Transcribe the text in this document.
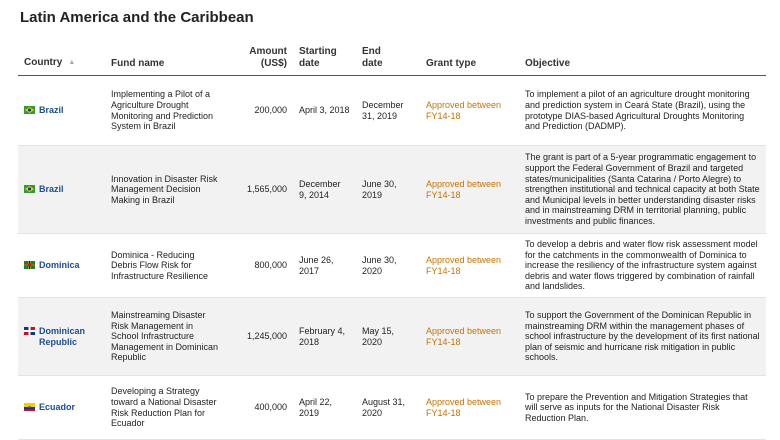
Latin America and the Caribbean
Country ▲	Fund name	Amount (US$)	Starting date	End date	Grant type	Objective

Brazil	Implementing a Pilot of a Agriculture Drought Monitoring and Prediction System in Brazil	200,000	April 3, 2018	December 31, 2019	Approved between FY14-18	To implement a pilot of an agriculture drought monitoring and prediction system in Ceará State (Brazil), using the prototype DIAS-based Agricultural Droughts Monitoring and Prediction (DADMP).

Brazil	Innovation in Disaster Risk Management Decision Making in Brazil	1,565,000	December 9, 2014	June 30, 2019	Approved between FY14-18	The grant is part of a 5-year programmatic engagement to support the Federal Government of Brazil and targeted states/municipalities (Santa Catarina / Porto Alegre) to strengthen institutional and technical capacity at both State and Municipal levels in better understanding disaster risks and in mainstreaming DRM in territorial planning, public investments and public finances.

Dominica	Dominica - Reducing Debris Flow Risk for Infrastructure Resilience	800,000	June 26, 2017	June 30, 2020	Approved between FY14-18	To develop a debris and water flow risk assessment model for the catchments in the commonwealth of Dominica to increase the resiliency of the infrastructure system against debris and water flows triggered by combination of rainfall and landslides.

Dominican Republic	Mainstreaming Disaster Risk Management in School Infrastructure Management in Dominican Republic	1,245,000	February 4, 2018	May 15, 2020	Approved between FY14-18	To support the Government of the Dominican Republic in mainstreaming DRM within the management phases of school infrastructure by the development of its first national plan of seismic and hurricane risk mitigation in public schools.

Ecuador	Developing a Strategy toward a National Disaster Risk Reduction Plan for Ecuador	400,000	April 22, 2019	August 31, 2020	Approved between FY14-18	To prepare the Prevention and Mitigation Strategies that will serve as inputs for the National Disaster Risk Reduction Plan.
